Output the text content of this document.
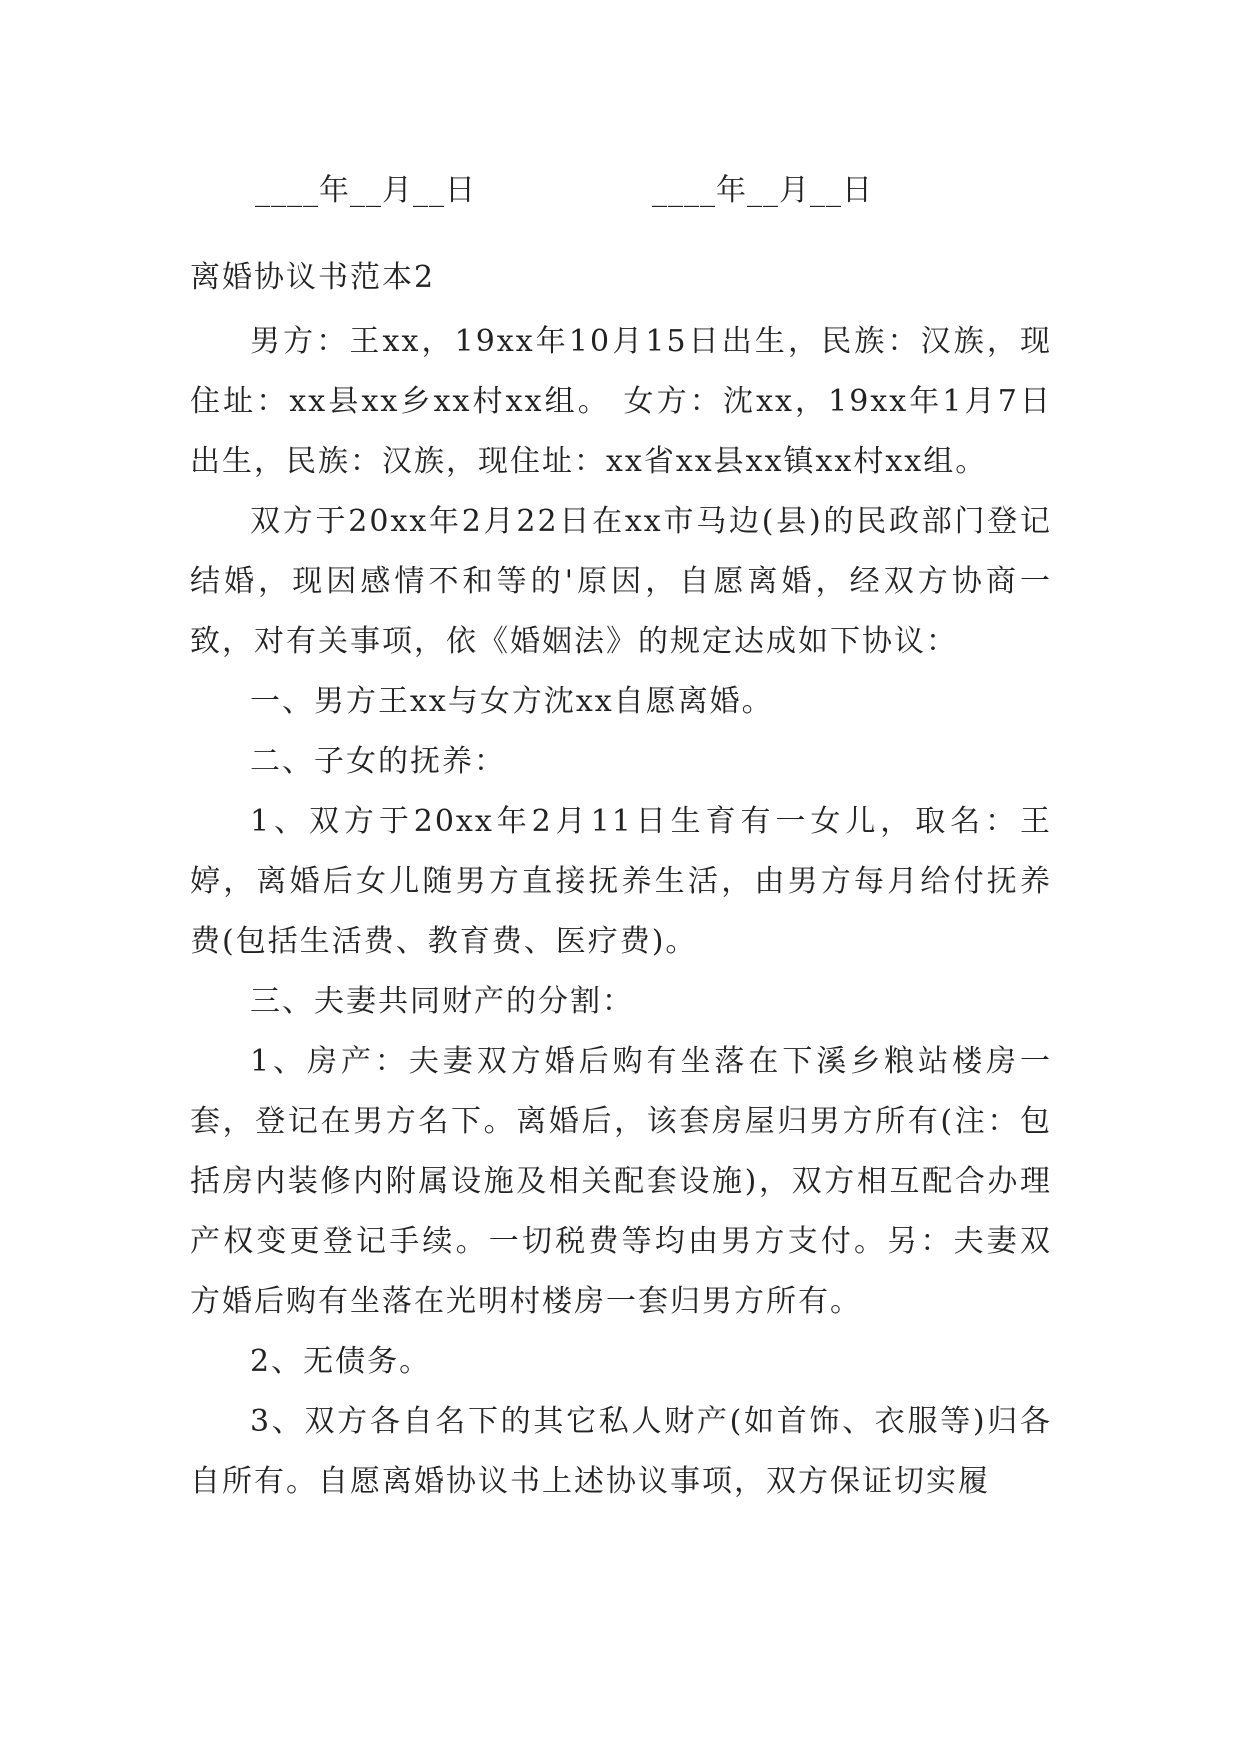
____年__月__日	____年__月__日
离婚协议书范本2

男方：王xx，19xx年10月15日出生，民族：汉族，现住址：xx县xx乡xx村xx组。 女方：沈xx，19xx年1月7日出生，民族：汉族，现住址：xx省xx县xx镇xx村xx组。

双方于20xx年2月22日在xx市马边(县)的民政部门登记结婚，现因感情不和等的'原因，自愿离婚，经双方协商一致，对有关事项，依《婚姻法》的规定达成如下协议：

一、男方王xx与女方沈xx自愿离婚。

二、子女的抚养：

1、双方于20xx年2月11日生育有一女儿，取名：王婷，离婚后女儿随男方直接抚养生活，由男方每月给付抚养费(包括生活费、教育费、医疗费)。

三、夫妻共同财产的分割：

1、房产：夫妻双方婚后购有坐落在下溪乡粮站楼房一套，登记在男方名下。离婚后，该套房屋归男方所有(注：包括房内装修内附属设施及相关配套设施)，双方相互配合办理产权变更登记手续。一切税费等均由男方支付。另：夫妻双方婚后购有坐落在光明村楼房一套归男方所有。

2、无债务。

3、双方各自名下的其它私人财产(如首饰、衣服等)归各自所有。自愿离婚协议书上述协议事项，双方保证切实履
